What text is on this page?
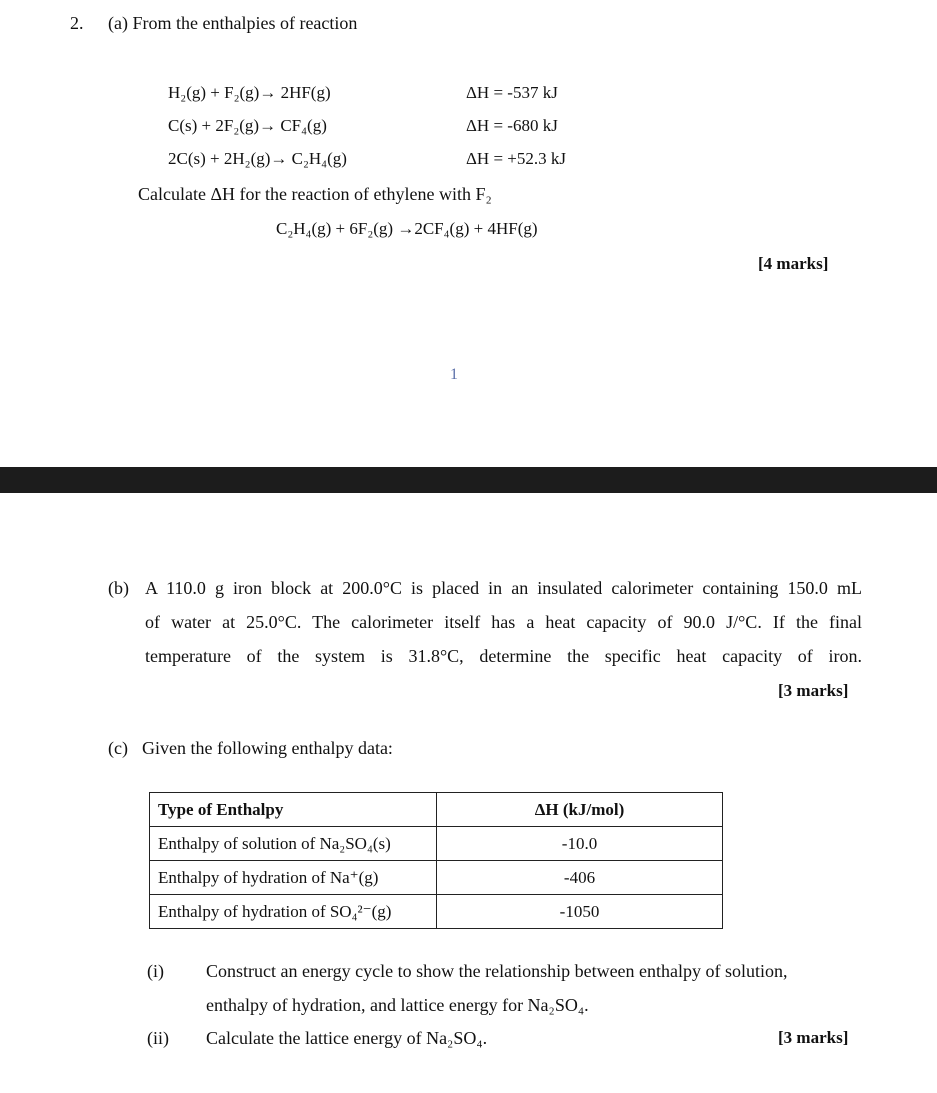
2. (a) From the enthalpies of reaction
H₂(g) + F₂(g)→ 2HF(g)	ΔH = -537 kJ
C(s) + 2F₂(g)→ CF₄(g)	ΔH = -680 kJ
2C(s) + 2H₂(g)→ C₂H₄(g)	ΔH = +52.3 kJ
Calculate ΔH for the reaction of ethylene with F₂
C₂H₄(g) + 6F₂(g) →2CF₄(g) + 4HF(g)
[4 marks]
1
(b) A 110.0 g iron block at 200.0°C is placed in an insulated calorimeter containing 150.0 mL
of water at 25.0°C. The calorimeter itself has a heat capacity of 90.0 J/°C. If the final
temperature of the system is 31.8°C, determine the specific heat capacity of iron.
[3 marks]
(c) Given the following enthalpy data:
Type of Enthalpy	ΔH (kJ/mol)
Enthalpy of solution of Na₂SO₄(s)	-10.0
Enthalpy of hydration of Na⁺(g)	-406
Enthalpy of hydration of SO₄²⁻(g)	-1050
(i) Construct an energy cycle to show the relationship between enthalpy of solution,
enthalpy of hydration, and lattice energy for Na₂SO₄.
(ii) Calculate the lattice energy of Na₂SO₄.	[3 marks]
